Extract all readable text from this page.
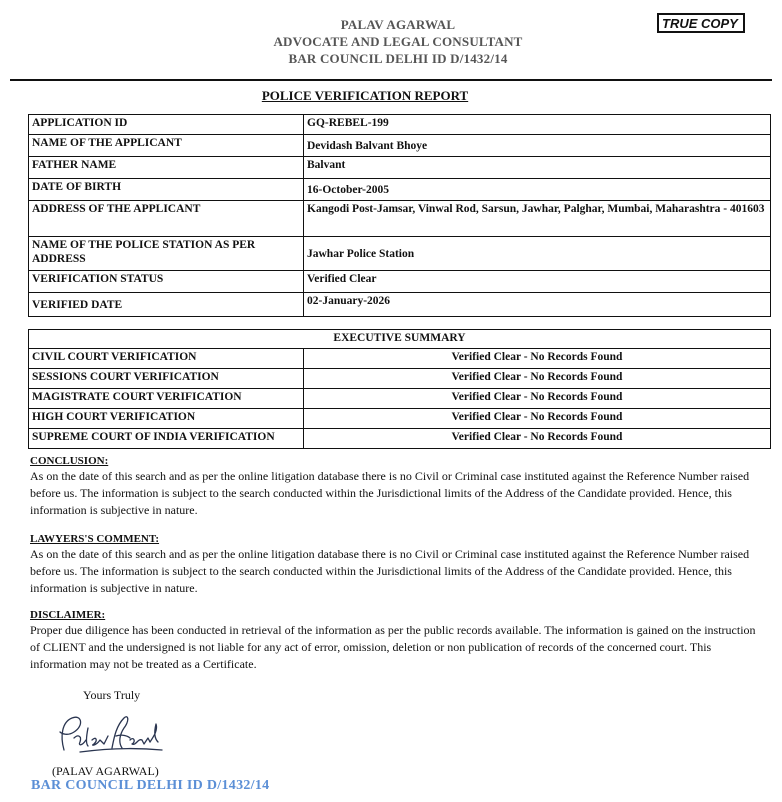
PALAV AGARWAL
ADVOCATE AND LEGAL CONSULTANT
BAR COUNCIL DELHI ID D/1432/14
TRUE COPY
POLICE VERIFICATION REPORT
APPLICATION ID	GQ-REBEL-199
NAME OF THE APPLICANT	Devidash Balvant Bhoye
FATHER NAME	Balvant
DATE OF BIRTH	16-October-2005
ADDRESS OF THE APPLICANT	Kangodi Post-Jamsar, Vinwal Rod, Sarsun, Jawhar, Palghar, Mumbai, Maharashtra - 401603
NAME OF THE POLICE STATION AS PER ADDRESS	Jawhar Police Station
VERIFICATION STATUS	Verified Clear
VERIFIED DATE	02-January-2026
EXECUTIVE SUMMARY	
CIVIL COURT VERIFICATION	Verified Clear - No Records Found
SESSIONS COURT VERIFICATION	Verified Clear - No Records Found
MAGISTRATE COURT VERIFICATION	Verified Clear - No Records Found
HIGH COURT VERIFICATION	Verified Clear - No Records Found
SUPREME COURT OF INDIA VERIFICATION	Verified Clear - No Records Found
CONCLUSION:

As on the date of this search and as per the online litigation database there is no Civil or Criminal case instituted against the Reference Number raised before us. The information is subject to the search conducted within the Jurisdictional limits of the Address of the Candidate provided. Hence, this information is subjective in nature.

LAWYERS'S COMMENT:

As on the date of this search and as per the online litigation database there is no Civil or Criminal case instituted against the Reference Number raised before us. The information is subject to the search conducted within the Jurisdictional limits of the Address of the Candidate provided. Hence, this information is subjective in nature.

DISCLAIMER:

Proper due diligence has been conducted in retrieval of the information as per the public records available. The information is gained on the instruction of CLIENT and the undersigned is not liable for any act of error, omission, deletion or non publication of records of the concerned court. This information may not be treated as a Certificate.

Yours Truly
(PALAV AGARWAL)
BAR COUNCIL DELHI ID D/1432/14
